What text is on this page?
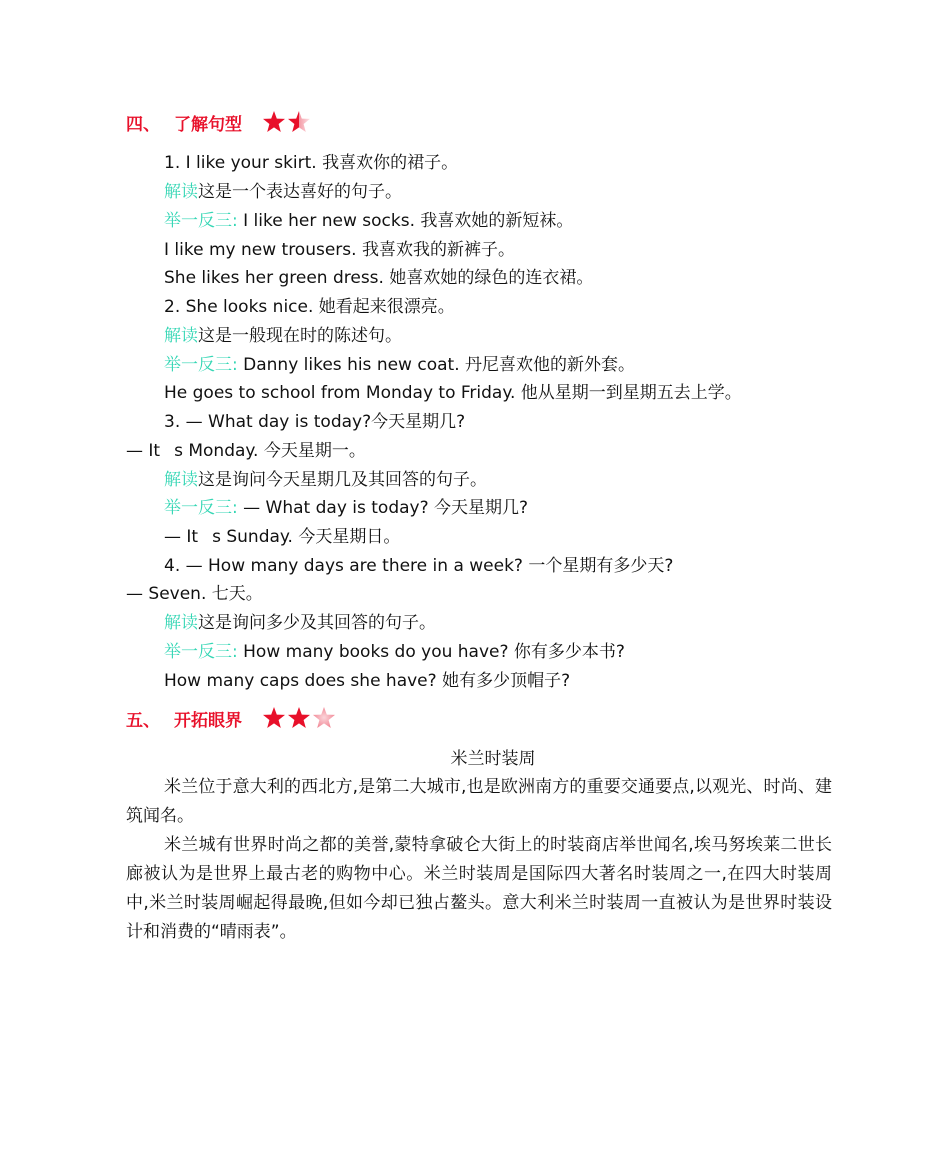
四、 了解句型
1. I like your skirt. 我喜欢你的裙子。
解读这是一个表达喜好的句子。
举一反三: I like her new socks. 我喜欢她的新短袜。
I like my new trousers. 我喜欢我的新裤子。
She likes her green dress. 她喜欢她的绿色的连衣裙。
2. She looks nice. 她看起来很漂亮。
解读这是一般现在时的陈述句。
举一反三: Danny likes his new coat. 丹尼喜欢他的新外套。
He goes to school from Monday to Friday. 他从星期一到星期五去上学。
3. — What day is today?今天星期几?
— It s Monday. 今天星期一。
解读这是询问今天星期几及其回答的句子。
举一反三: — What day is today? 今天星期几?
— It s Sunday. 今天星期日。
4. — How many days are there in a week? 一个星期有多少天?
— Seven. 七天。
解读这是询问多少及其回答的句子。
举一反三: How many books do you have? 你有多少本书?
How many caps does she have? 她有多少顶帽子?
五、 开拓眼界
米兰时装周
米兰位于意大利的西北方,是第二大城市,也是欧洲南方的重要交通要点,以观光、时尚、建筑闻名。
米兰城有世界时尚之都的美誉,蒙特拿破仑大街上的时装商店举世闻名,埃马努埃莱二世长廊被认为是世界上最古老的购物中心。米兰时装周是国际四大著名时装周之一,在四大时装周中,米兰时装周崛起得最晚,但如今却已独占鳌头。意大利米兰时装周一直被认为是世界时装设计和消费的“晴雨表”。
